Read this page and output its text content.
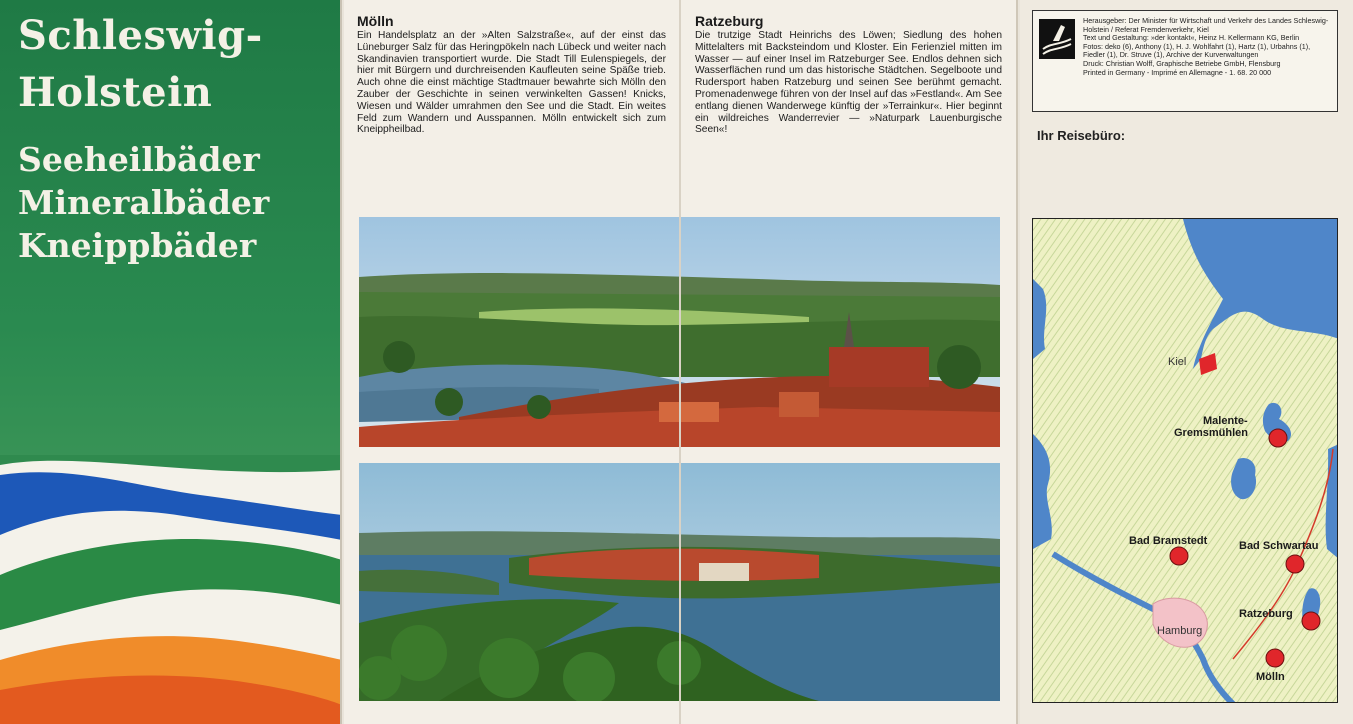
Schleswig-
Holstein
Seeheilbäder
Mineralbäder
Kneippbäder
Mölln

Ein Handelsplatz an der »Alten Salzstraße«, auf der einst das Lüneburger Salz für das Heringpökeln nach Lübeck und weiter nach Skandinavien transportiert wurde. Die Stadt Till Eulenspiegels, der hier mit Bürgern und durchreisenden Kaufleuten seine Späße trieb. Auch ohne die einst mächtige Stadtmauer bewahrte sich Mölln den Zauber der Geschichte in seinen verwinkelten Gassen! Knicks, Wiesen und Wälder umrahmen den See und die Stadt. Ein weites Feld zum Wandern und Ausspannen. Mölln entwickelt sich zum Kneippheilbad.

Ratzeburg

Die trutzige Stadt Heinrichs des Löwen; Siedlung des hohen Mittelalters mit Backsteindom und Kloster. Ein Ferienziel mitten im Wasser — auf einer Insel im Ratzeburger See. Endlos dehnen sich Wasserflächen rund um das historische Städtchen. Segelboote und Rudersport haben Ratzeburg und seinen See berühmt gemacht. Promenadenwege führen von der Insel auf das »Festland«. Am See entlang dienen Wanderwege künftig der »Terrainkur«. Hier beginnt ein wildreiches Wanderrevier — »Naturpark Lauenburgische Seen«!

Herausgeber: Der Minister für Wirtschaft und Verkehr des Landes Schleswig-Holstein / Referat Fremdenverkehr, Kiel
Text und Gestaltung: »der kontakt«, Heinz H. Kellermann KG, Berlin
Fotos: deko (6), Anthony (1), H. J. Wohlfahrt (1), Hartz (1), Urbahns (1), Fiedler (1), Dr. Struve (1), Archive der Kurverwaltungen
Druck: Christian Wolff, Graphische Betriebe GmbH, Flensburg
Printed in Germany - Imprimé en Allemagne - 1. 68. 20 000

Ihr Reisebüro:
Kiel
Malente-
Gremsmühlen
Bad Bramstedt	Bad Schwartau
Hamburg
Ratzeburg
Mölln
